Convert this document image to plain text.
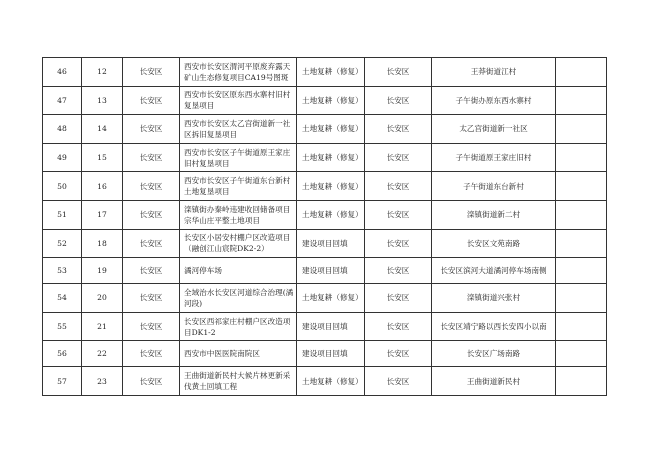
46	12	长安区	西安市长安区渭河平原废弃露天矿山生态修复项目CA19号图斑	土地复耕（修复）	长安区	王莽街道江村	
47	13	长安区	西安市长安区原东西水寨村旧村复垦项目	土地复耕（修复）	长安区	子午街办原东西水寨村	
48	14	长安区	西安市长安区太乙宫街道新一社区拆旧复垦项目	土地复耕（修复）	长安区	太乙宫街道新一社区	
49	15	长安区	西安市长安区子午街道原王家庄旧村复垦项目	土地复耕（修复）	长安区	子午街道原王家庄旧村	
50	16	长安区	西安市长安区子午街道东台新村土地复垦项目	土地复耕（修复）	长安区	子午街道东台新村	
51	17	长安区	滦镇街办秦岭违建收回储备项目宗华山庄平整土地项目	土地复耕（修复）	长安区	滦镇街道新二村	
52	18	长安区	长安区小居安村棚户区改造项目（融创江山宸院DK2-2）	建设项目回填	长安区	长安区文苑南路	
53	19	长安区	潏河停车场	建设项目回填	长安区	长安区滨河大道潏河停车场南侧	
54	20	长安区	全域治水长安区河道综合治理(潏河段)	土地复耕（修复）	长安区	滦镇街道兴张村	
55	21	长安区	长安区西祁家庄村棚户区改造项目DK1-2	建设项目回填	长安区	长安区靖宁路以西长安四小以南	
56	22	长安区	西安市中医医院南院区	建设项目回填	长安区	长安区广场南路	
57	23	长安区	王曲街道新民村大候片林更新采伐黄土回填工程	土地复耕（修复）	长安区	王曲街道新民村	
